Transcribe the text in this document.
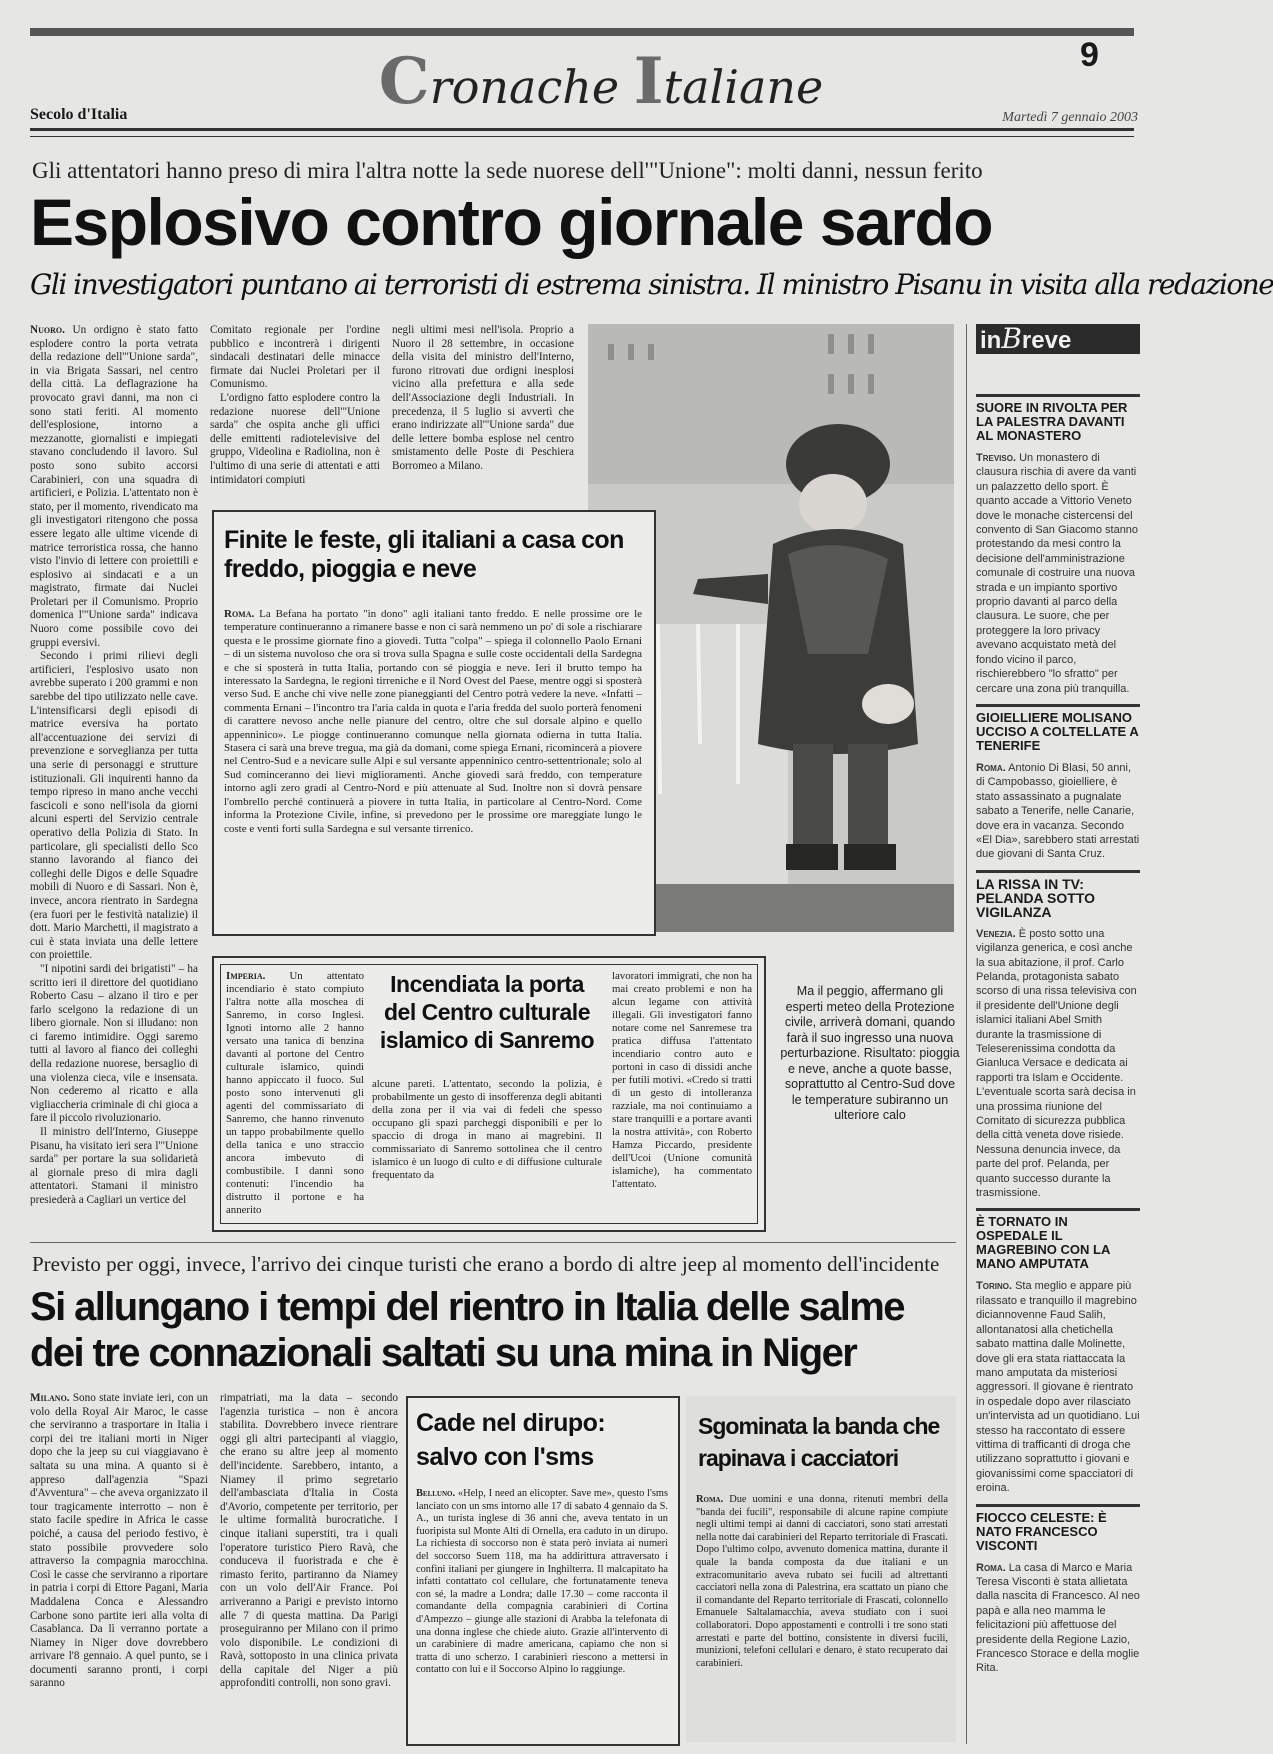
Cronache Italiane
9
Secolo d'Italia	Martedì 7 gennaio 2003
Gli attentatori hanno preso di mira l'altra notte la sede nuorese dell'"Unione": molti danni, nessun ferito
Esplosivo contro giornale sardo
Gli investigatori puntano ai terroristi di estrema sinistra. Il ministro Pisanu in visita alla redazione

Nuoro. Un ordigno è stato fatto esplodere contro la porta vetrata della redazione dell'"Unione sarda", in via Brigata Sassari, nel centro della città. La deflagrazione ha provocato gravi danni, ma non ci sono stati feriti. Al momento dell'esplosione, intorno a mezzanotte, giornalisti e impiegati stavano concludendo il lavoro. Sul posto sono subito accorsi Carabinieri, con una squadra di artificieri, e Polizia. L'attentato non è stato, per il momento, rivendicato ma gli investigatori ritengono che possa essere legato alle ultime vicende di matrice terroristica rossa, che hanno visto l'invio di lettere con proiettili e esplosivo ai sindacati e a un magistrato, firmate dai Nuclei Proletari per il Comunismo. Proprio domenica l'"Unione sarda" indicava Nuoro come possibile covo dei gruppi eversivi.

Secondo i primi rilievi degli artificieri, l'esplosivo usato non avrebbe superato i 200 grammi e non sarebbe del tipo utilizzato nelle cave. L'intensificarsi degli episodi di matrice eversiva ha portato all'accentuazione dei servizi di prevenzione e sorveglianza per tutta una serie di personaggi e strutture istituzionali. Gli inquirenti hanno da tempo ripreso in mano anche vecchi fascicoli e sono nell'isola da giorni alcuni esperti del Servizio centrale operativo della Polizia di Stato. In particolare, gli specialisti dello Sco stanno lavorando al fianco dei colleghi delle Digos e delle Squadre mobili di Nuoro e di Sassari. Non è, invece, ancora rientrato in Sardegna (era fuori per le festività natalizie) il dott. Mario Marchetti, il magistrato a cui è stata inviata una delle lettere con proiettile.

"I nipotini sardi dei brigatisti" – ha scritto ieri il direttore del quotidiano Roberto Casu – alzano il tiro e per farlo scelgono la redazione di un libero giornale. Non si illudano: non ci faremo intimidire. Oggi saremo tutti al lavoro al fianco dei colleghi della redazione nuorese, bersaglio di una violenza cieca, vile e insensata. Non cederemo al ricatto e alla vigliaccheria criminale di chi gioca a fare il piccolo rivoluzionario.

Il ministro dell'Interno, Giuseppe Pisanu, ha visitato ieri sera l'"Unione sarda" per portare la sua solidarietà al giornale preso di mira dagli attentatori. Stamani il ministro presiederà a Cagliari un vertice del

Comitato regionale per l'ordine pubblico e incontrerà i dirigenti sindacali destinatari delle minacce firmate dai Nuclei Proletari per il Comunismo.

L'ordigno fatto esplodere contro la redazione nuorese dell'"Unione sarda" che ospita anche gli uffici delle emittenti radiotelevisive del gruppo, Videolina e Radiolina, non è l'ultimo di una serie di attentati e atti intimidatori compiuti

negli ultimi mesi nell'isola. Proprio a Nuoro il 28 settembre, in occasione della visita del ministro dell'Interno, furono ritrovati due ordigni inesplosi vicino alla prefettura e alla sede dell'Associazione degli Industriali. In precedenza, il 5 luglio si avvertì che erano indirizzate all'"Unione sarda" due delle lettere bomba esplose nel centro smistamento delle Poste di Peschiera Borromeo a Milano.

Finite le feste, gli italiani a casa con freddo, pioggia e neve

Roma. La Befana ha portato "in dono" agli italiani tanto freddo. E nelle prossime ore le temperature continueranno a rimanere basse e non ci sarà nemmeno un po' di sole a rischiarare questa e le prossime giornate fino a giovedì. Tutta "colpa" – spiega il colonnello Paolo Ernani – di un sistema nuvoloso che ora si trova sulla Spagna e sulle coste occidentali della Sardegna e che si sposterà in tutta Italia, portando con sé pioggia e neve. Ieri il brutto tempo ha interessato la Sardegna, le regioni tirreniche e il Nord Ovest del Paese, mentre oggi si sposterà verso Sud. E anche chi vive nelle zone pianeggianti del Centro potrà vedere la neve. «Infatti – commenta Ernani – l'incontro tra l'aria calda in quota e l'aria fredda del suolo porterà fenomeni di carattere nevoso anche nelle pianure del centro, oltre che sul dorsale alpino e quello appenninico». Le piogge continueranno comunque nella giornata odierna in tutta Italia. Stasera ci sarà una breve tregua, ma già da domani, come spiega Ernani, ricomincerà a piovere nel Centro-Sud e a nevicare sulle Alpi e sul versante appenninico centro-settentrionale; solo al Sud cominceranno dei lievi miglioramenti. Anche giovedì sarà freddo, con temperature intorno agli zero gradi al Centro-Nord e più attenuate al Sud. Inoltre non si dovrà pensare l'ombrello perché continuerà a piovere in tutta Italia, in particolare al Centro-Nord. Come informa la Protezione Civile, infine, si prevedono per le prossime ore mareggiate lungo le coste e venti forti sulla Sardegna e sul versante tirrenico.

Imperia. Un attentato incendiario è stato compiuto l'altra notte alla moschea di Sanremo, in corso Inglesi. Ignoti intorno alle 2 hanno versato una tanica di benzina davanti al portone del Centro culturale islamico, quindi hanno appiccato il fuoco. Sul posto sono intervenuti gli agenti del commissariato di Sanremo, che hanno rinvenuto un tappo probabilmente quello della tanica e uno straccio ancora imbevuto di combustibile. I danni sono contenuti: l'incendio ha distrutto il portone e ha annerito

Incendiata la porta del Centro culturale islamico di Sanremo

alcune pareti. L'attentato, secondo la polizia, è probabilmente un gesto di insofferenza degli abitanti della zona per il via vai di fedeli che spesso occupano gli spazi parcheggi disponibili e per lo spaccio di droga in mano ai magrebini. Il commissariato di Sanremo sottolinea che il centro islamico è un luogo di culto e di diffusione culturale frequentato da

lavoratori immigrati, che non ha mai creato problemi e non ha alcun legame con attività illegali. Gli investigatori fanno notare come nel Sanremese tra pratica diffusa l'attentato incendiario contro auto e portoni in caso di dissidi anche per futili motivi. «Credo si tratti di un gesto di intolleranza razziale, ma noi continuiamo a stare tranquilli e a portare avanti la nostra attività», con Roberto Hamza Piccardo, presidente dell'Ucoi (Unione comunità islamiche), ha commentato l'attentato.

Ma il peggio, affermano gli esperti meteo della Protezione civile, arriverà domani, quando farà il suo ingresso una nuova perturbazione. Risultato: pioggia e neve, anche a quote basse, soprattutto al Centro-Sud dove le temperature subiranno un ulteriore calo
Previsto per oggi, invece, l'arrivo dei cinque turisti che erano a bordo di altre jeep al momento dell'incidente
Si allungano i tempi del rientro in Italia delle salme
dei tre connazionali saltati su una mina in Niger

Milano. Sono state inviate ieri, con un volo della Royal Air Maroc, le casse che serviranno a trasportare in Italia i corpi dei tre italiani morti in Niger dopo che la jeep su cui viaggiavano è saltata su una mina. A quanto si è appreso dall'agenzia "Spazi d'Avventura" – che aveva organizzato il tour tragicamente interrotto – non è stato facile spedire in Africa le casse poiché, a causa del periodo festivo, è stato possibile provvedere solo attraverso la compagnia marocchina. Così le casse che serviranno a riportare in patria i corpi di Ettore Pagani, Maria Maddalena Conca e Alessandro Carbone sono partite ieri alla volta di Casablanca. Da lì verranno portate a Niamey in Niger dove dovrebbero arrivare l'8 gennaio. A quel punto, se i documenti saranno pronti, i corpi saranno

rimpatriati, ma la data – secondo l'agenzia turistica – non è ancora stabilita. Dovrebbero invece rientrare oggi gli altri partecipanti al viaggio, che erano su altre jeep al momento dell'incidente. Sarebbero, intanto, a Niamey il primo segretario dell'ambasciata d'Italia in Costa d'Avorio, competente per territorio, per le ultime formalità burocratiche. I cinque italiani superstiti, tra i quali l'operatore turistico Piero Ravà, che conduceva il fuoristrada e che è rimasto ferito, partiranno da Niamey con un volo dell'Air France. Poi arriveranno a Parigi e previsto intorno alle 7 di questa mattina. Da Parigi proseguiranno per Milano con il primo volo disponibile. Le condizioni di Ravà, sottoposto in una clinica privata della capitale del Niger a più approfonditi controlli, non sono gravi.

Cade nel dirupo: salvo con l'sms

Belluno. «Help, I need an elicopter. Save me», questo l'sms lanciato con un sms intorno alle 17 di sabato 4 gennaio da S. A., un turista inglese di 36 anni che, aveva tentato in un fuoripista sul Monte Alti di Ornella, era caduto in un dirupo. La richiesta di soccorso non è stata però inviata ai numeri del soccorso Suem 118, ma ha addirittura attraversato i confini italiani per giungere in Inghilterra. Il malcapitato ha infatti contattato col cellulare, che fortunatamente teneva con sé, la madre a Londra; dalle 17.30 – come racconta il comandante della compagnia carabinieri di Cortina d'Ampezzo – giunge alle stazioni di Arabba la telefonata di una donna inglese che chiede aiuto. Grazie all'intervento di un carabiniere di madre americana, capiamo che non si tratta di uno scherzo. I carabinieri riescono a mettersi in contatto con lui e il Soccorso Alpino lo raggiunge.

Sgominata la banda che rapinava i cacciatori

Roma. Due uomini e una donna, ritenuti membri della "banda dei fucili", responsabile di alcune rapine compiute negli ultimi tempi ai danni di cacciatori, sono stati arrestati nella notte dai carabinieri del Reparto territoriale di Frascati. Dopo l'ultimo colpo, avvenuto domenica mattina, durante il quale la banda composta da due italiani e un extracomunitario aveva rubato sei fucili ad altrettanti cacciatori nella zona di Palestrina, era scattato un piano che il comandante del Reparto territoriale di Frascati, colonnello Emanuele Saltalamacchia, aveva studiato con i suoi collaboratori. Dopo appostamenti e controlli i tre sono stati arrestati e parte del bottino, consistente in diversi fucili, munizioni, telefoni cellulari e denaro, è stato recuperato dai carabinieri.

inBreve
SUORE IN RIVOLTA PER LA PALESTRA DAVANTI AL MONASTERO
Treviso. Un monastero di clausura rischia di avere da vanti un palazzetto dello sport. È quanto accade a Vittorio Veneto dove le monache cistercensi del convento di San Giacomo stanno protestando da mesi contro la decisione dell'amministrazione comunale di costruire una nuova strada e un impianto sportivo proprio davanti al parco della clausura. Le suore, che per proteggere la loro privacy avevano acquistato metà del fondo vicino il parco, rischierebbero "lo sfratto" per cercare una zona più tranquilla.
GIOIELLIERE MOLISANO UCCISO A COLTELLATE A TENERIFE
Roma. Antonio Di Blasi, 50 anni, di Campobasso, gioielliere, è stato assassinato a pugnalate sabato a Tenerife, nelle Canarie, dove era in vacanza. Secondo «El Dia», sarebbero stati arrestati due giovani di Santa Cruz.
LA RISSA IN TV: PELANDA SOTTO VIGILANZA
Venezia. È posto sotto una vigilanza generica, e così anche la sua abitazione, il prof. Carlo Pelanda, protagonista sabato scorso di una rissa televisiva con il presidente dell'Unione degli islamici italiani Abel Smith durante la trasmissione di Teleserenissima condotta da Gianluca Versace e dedicata ai rapporti tra Islam e Occidente. L'eventuale scorta sarà decisa in una prossima riunione del Comitato di sicurezza pubblica della città veneta dove risiede. Nessuna denuncia invece, da parte del prof. Pelanda, per quanto successo durante la trasmissione.
È TORNATO IN OSPEDALE IL MAGREBINO CON LA MANO AMPUTATA
Torino. Sta meglio e appare più rilassato e tranquillo il magrebino diciannovenne Faud Salih, allontanatosi alla chetichella sabato mattina dalle Molinette, dove gli era stata riattaccata la mano amputata da misteriosi aggressori. Il giovane è rientrato in ospedale dopo aver rilasciato un'intervista ad un quotidiano. Lui stesso ha raccontato di essere vittima di trafficanti di droga che utilizzano soprattutto i giovani e giovanissimi come spacciatori di eroina.
FIOCCO CELESTE: È NATO FRANCESCO VISCONTI
Roma. La casa di Marco e Maria Teresa Visconti è stata allietata dalla nascita di Francesco. Al neo papà e alla neo mamma le felicitazioni più affettuose del presidente della Regione Lazio, Francesco Storace e della moglie Rita.
